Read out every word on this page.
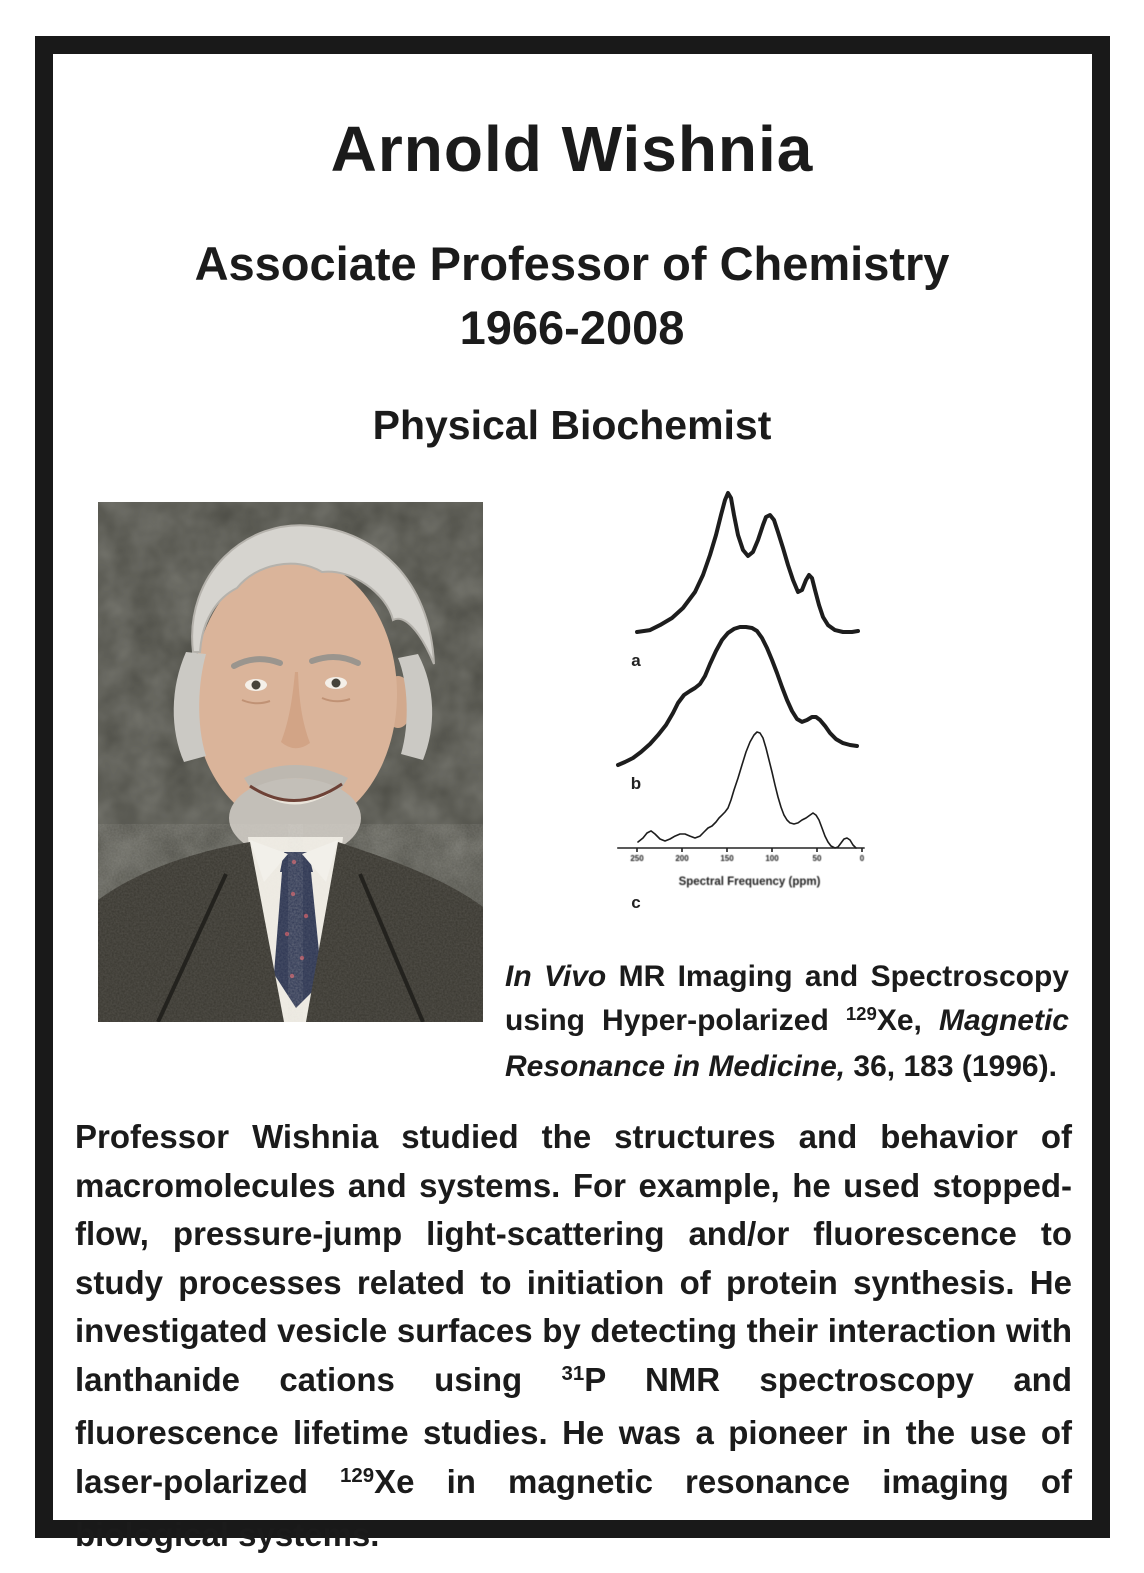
Arnold Wishnia
Associate Professor of Chemistry
1966-2008
Physical Biochemist
a
b
c
250	200	150	100	50	0
Spectral Frequency (ppm)

In Vivo MR Imaging and Spectroscopy using Hyper-polarized $^{129}$Xe, Magnetic Resonance in Medicine, 36, 183 (1996).

Professor Wishnia studied the structures and behavior of macromolecules and systems. For example, he used stopped-flow, pressure-jump light-scattering and/or fluorescence to study processes related to initiation of protein synthesis. He investigated vesicle surfaces by detecting their interaction with lanthanide cations using $^{31}$P NMR spectroscopy and fluorescence lifetime studies. He was a pioneer in the use of laser-polarized $^{129}$Xe in magnetic resonance imaging of biological systems.
